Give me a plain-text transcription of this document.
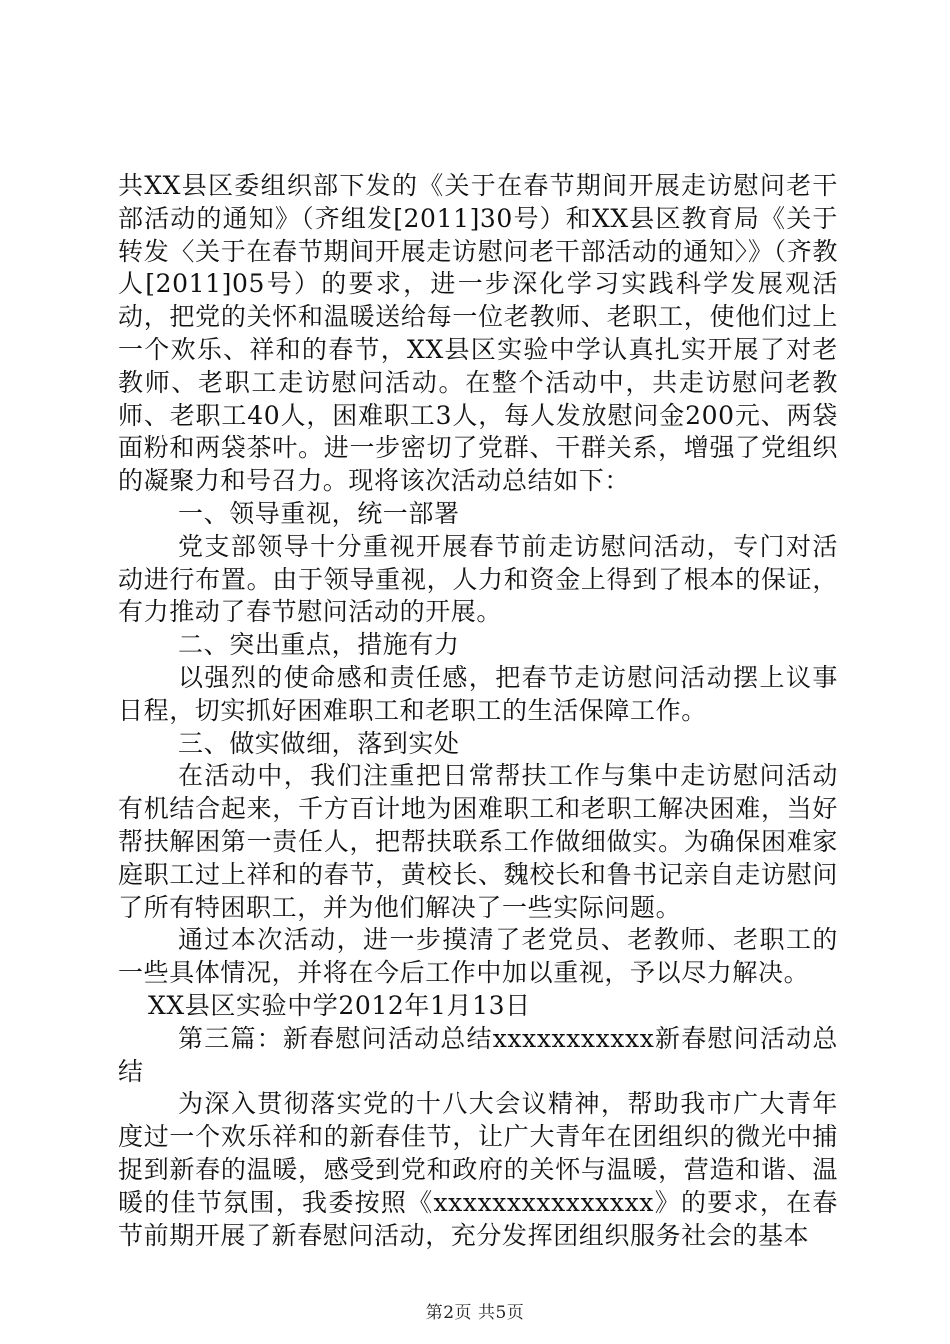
共XX县区委组织部下发的《关于在春节期间开展走访慰问老干部活动的通知》（齐组发[2011]30号）和XX县区教育局《关于转发〈关于在春节期间开展走访慰问老干部活动的通知〉》（齐教人[2011]05号）的要求，进一步深化学习实践科学发展观活动，把党的关怀和温暖送给每一位老教师、老职工，使他们过上一个欢乐、祥和的春节，XX县区实验中学认真扎实开展了对老教师、老职工走访慰问活动。在整个活动中，共走访慰问老教师、老职工40人，困难职工3人，每人发放慰问金200元、两袋面粉和两袋茶叶。进一步密切了党群、干群关系，增强了党组织的凝聚力和号召力。现将该次活动总结如下：

一、领导重视，统一部署

党支部领导十分重视开展春节前走访慰问活动，专门对活动进行布置。由于领导重视，人力和资金上得到了根本的保证，有力推动了春节慰问活动的开展。

二、突出重点，措施有力

以强烈的使命感和责任感，把春节走访慰问活动摆上议事日程，切实抓好困难职工和老职工的生活保障工作。

三、做实做细，落到实处

在活动中，我们注重把日常帮扶工作与集中走访慰问活动有机结合起来，千方百计地为困难职工和老职工解决困难，当好帮扶解困第一责任人，把帮扶联系工作做细做实。为确保困难家庭职工过上祥和的春节，黄校长、魏校长和鲁书记亲自走访慰问了所有特困职工，并为他们解决了一些实际问题。

通过本次活动，进一步摸清了老党员、老教师、老职工的一些具体情况，并将在今后工作中加以重视，予以尽力解决。

XX县区实验中学2012年1月13日

第三篇：新春慰问活动总结xxxxxxxxxxx新春慰问活动总结

为深入贯彻落实党的十八大会议精神，帮助我市广大青年度过一个欢乐祥和的新春佳节，让广大青年在团组织的微光中捕捉到新春的温暖，感受到党和政府的关怀与温暖，营造和谐、温暖的佳节氛围，我委按照《xxxxxxxxxxxxxxx》的要求，在春节前期开展了新春慰问活动，充分发挥团组织服务社会的基本

第2页 共5页
